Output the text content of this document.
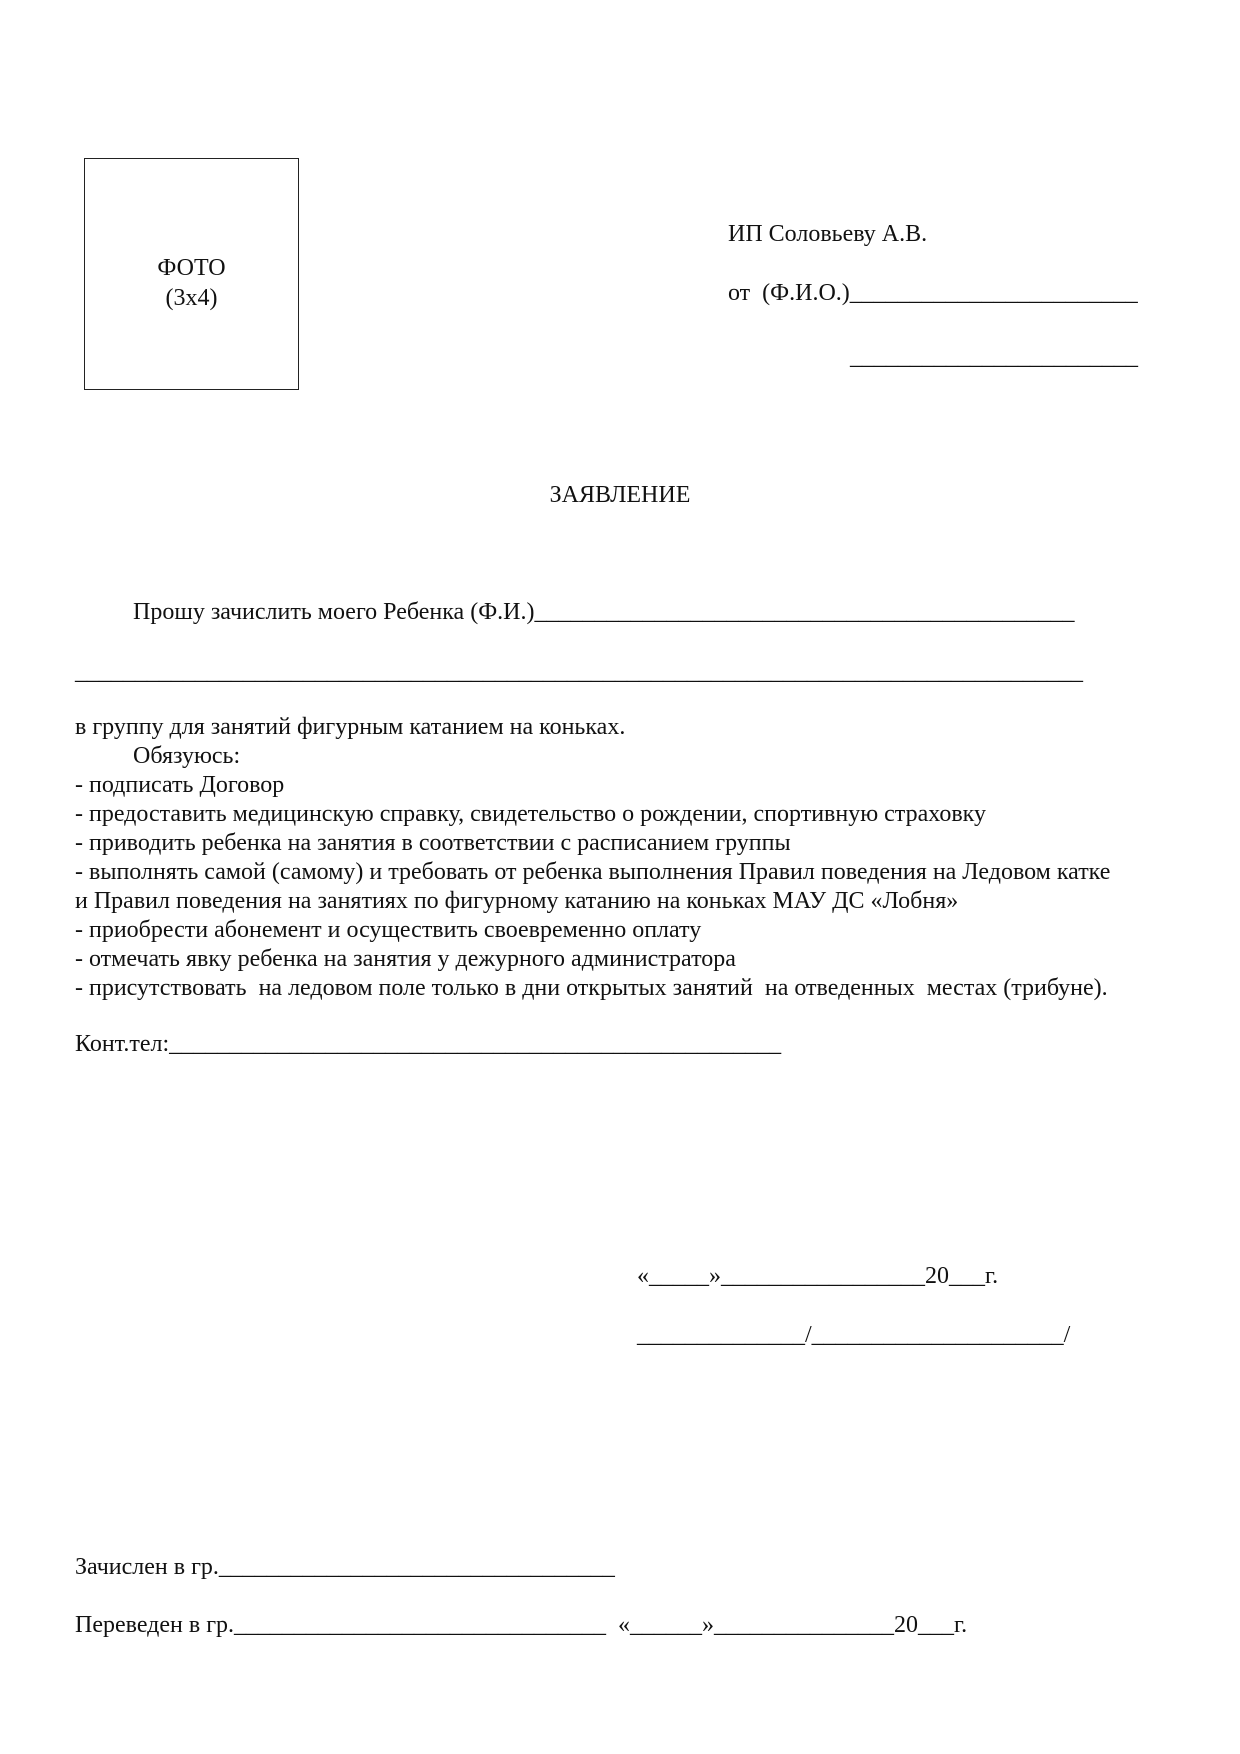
ФОТО
(3х4)
ИП Соловьеву А.В.
от  (Ф.И.О.)________________________
________________________
ЗАЯВЛЕНИЕ
Прошу зачислить моего Ребенка (Ф.И.)_____________________________________________
____________________________________________________________________________________
в группу для занятий фигурным катанием на коньках.
Обязуюсь:
- подписать Договор
- предоставить медицинскую справку, свидетельство о рождении, спортивную страховку
- приводить ребенка на занятия в соответствии с расписанием группы
- выполнять самой (самому) и требовать от ребенка выполнения Правил поведения на Ледовом катке
и Правил поведения на занятиях по фигурному катанию на коньках МАУ ДС «Лобня»
- приобрести абонемент и осуществить своевременно оплату
- отмечать явку ребенка на занятия у дежурного администратора
- присутствовать  на ледовом поле только в дни открытых занятий  на отведенных  местах (трибуне).
Конт.тел:___________________________________________________
«_____»_________________20___г.
______________/_____________________/
Зачислен в гр._________________________________
Переведен в гр._______________________________  «______»_______________20___г.
